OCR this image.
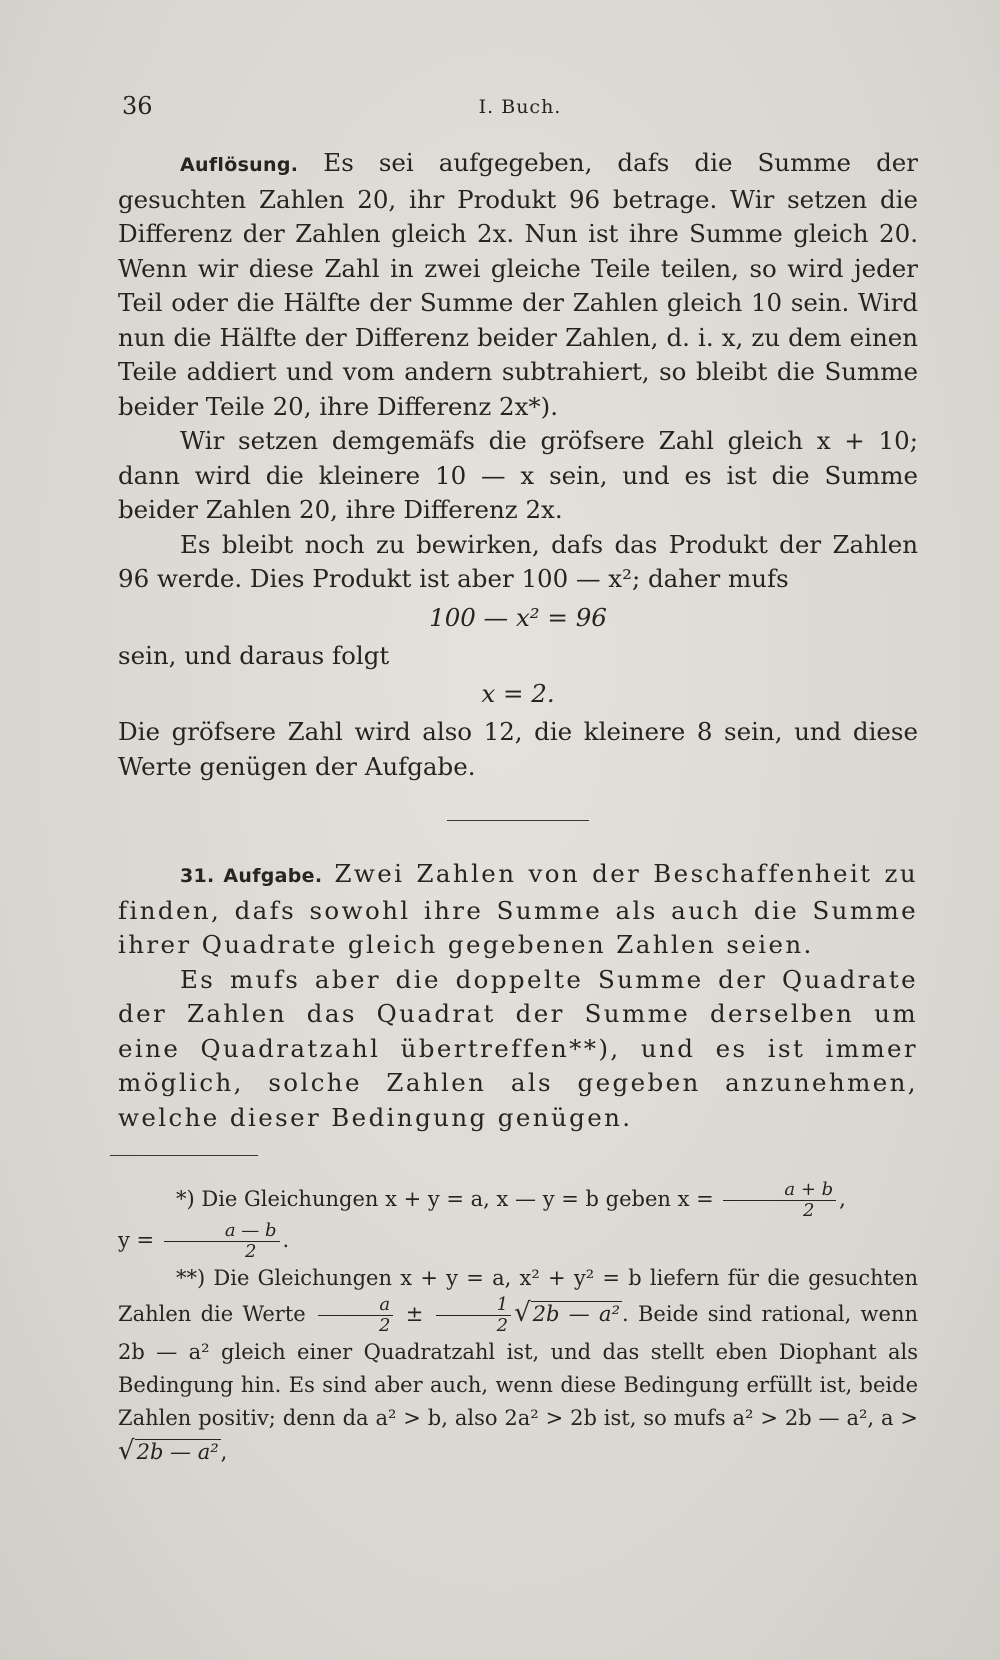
36	I. Buch.

Auflösung. Es sei aufgegeben, dafs die Summe der gesuchten Zahlen 20, ihr Produkt 96 betrage. Wir setzen die Differenz der Zahlen gleich 2x. Nun ist ihre Summe gleich 20. Wenn wir diese Zahl in zwei gleiche Teile teilen, so wird jeder Teil oder die Hälfte der Summe der Zahlen gleich 10 sein. Wird nun die Hälfte der Differenz beider Zahlen, d. i. x, zu dem einen Teile addiert und vom andern subtrahiert, so bleibt die Summe beider Teile 20, ihre Differenz 2x*).

Wir setzen demgemäfs die gröfsere Zahl gleich x + 10; dann wird die kleinere 10 — x sein, und es ist die Summe beider Zahlen 20, ihre Differenz 2x.

Es bleibt noch zu bewirken, dafs das Produkt der Zahlen 96 werde. Dies Produkt ist aber 100 — x²; daher mufs

100 — x² = 96

sein, und daraus folgt

x = 2.

Die gröfsere Zahl wird also 12, die kleinere 8 sein, und diese Werte genügen der Aufgabe.

31. Aufgabe. Zwei Zahlen von der Beschaffenheit zu finden, dafs sowohl ihre Summe als auch die Summe ihrer Quadrate gleich gegebenen Zahlen seien.

Es mufs aber die doppelte Summe der Quadrate der Zahlen das Quadrat der Summe derselben um eine Quadratzahl übertreffen**), und es ist immer möglich, solche Zahlen als gegeben anzunehmen, welche dieser Bedingung genügen.

*) Die Gleichungen x + y = a, x — y = b geben $x = \frac{a + b}{2}$ ,
$y = \frac{a — b}{2}$ .

**) Die Gleichungen x + y = a, x² + y² = b liefern für die gesuchten Zahlen die Werte $\frac{a}{2} \pm \frac{1}{2} √2b$ — a². Beide sind rational, wenn 2b — a² gleich einer Quadratzahl ist, und das stellt eben Diophant als Bedingung hin. Es sind aber auch, wenn diese Bedingung erfüllt ist, beide Zahlen positiv; denn da a² > b, also 2a² > 2b ist, so mufs a² > 2b — a², a > √2b — a²,
